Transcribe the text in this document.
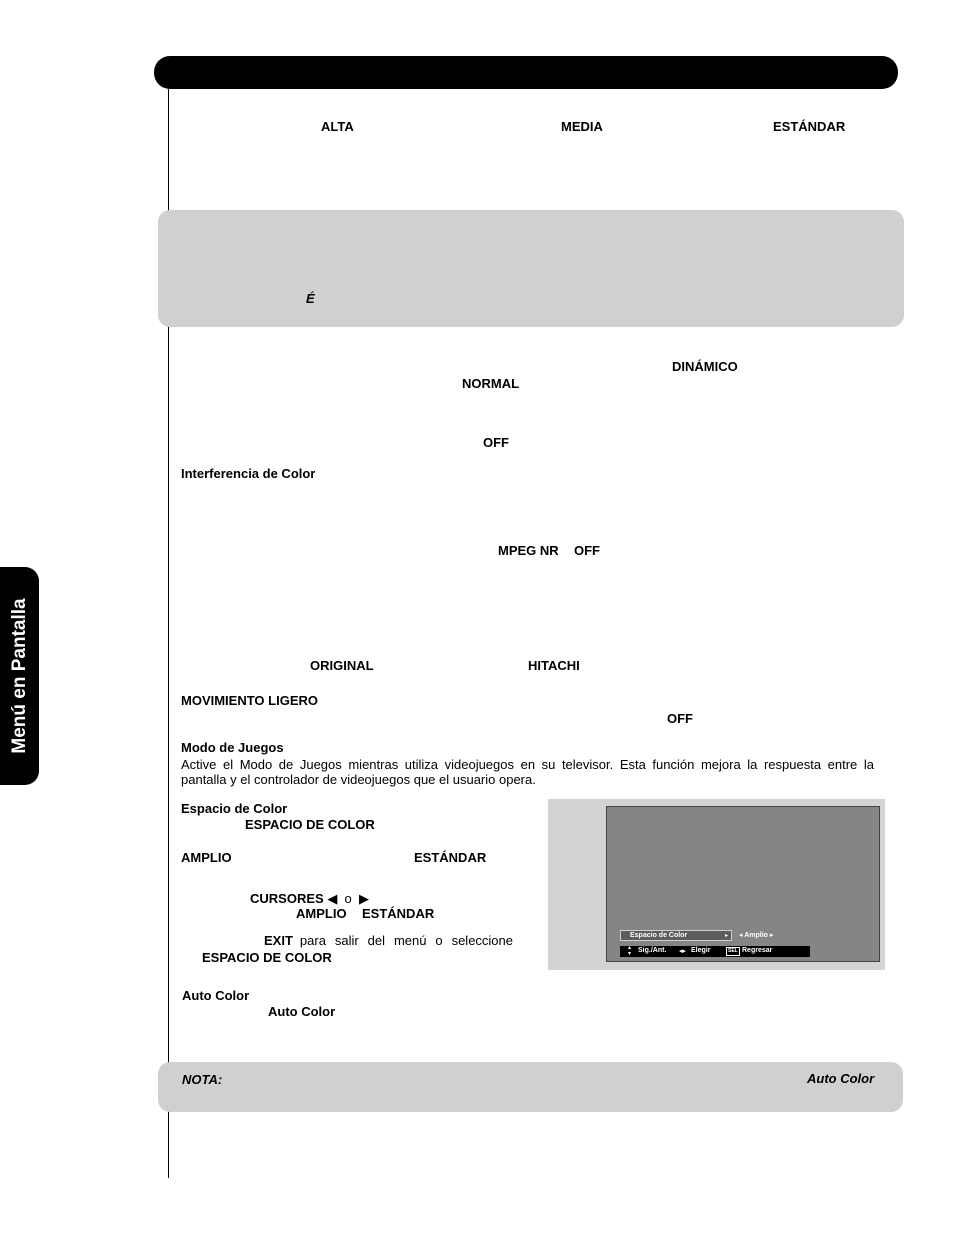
Menú en Pantalla
ALTA	MEDIA	ESTÁNDAR
É
DINÁMICO
NORMAL
OFF
Interferencia de Color
MPEG NR OFF
ORIGINAL	HITACHI
MOVIMIENTO LIGERO
OFF
Modo de Juegos
Active el Modo de Juegos mientras utiliza videojuegos en su televisor. Esta función mejora la respuesta entre la
pantalla y el controlador de videojuegos que el usuario opera.
Espacio de Color
ESPACIO DE COLOR
AMPLIO	ESTÁNDAR
CURSORES ◀ o ▶
AMPLIO ESTÁNDAR
EXIT para salir del menú o seleccione
ESPACIO DE COLOR
Espacio de Color	▸ ◂ Amplio ▸
▴
▾ Sig./Ant. ◂▸ Elegir	SEL Regresar
Auto Color
Auto Color
NOTA:	Auto Color
